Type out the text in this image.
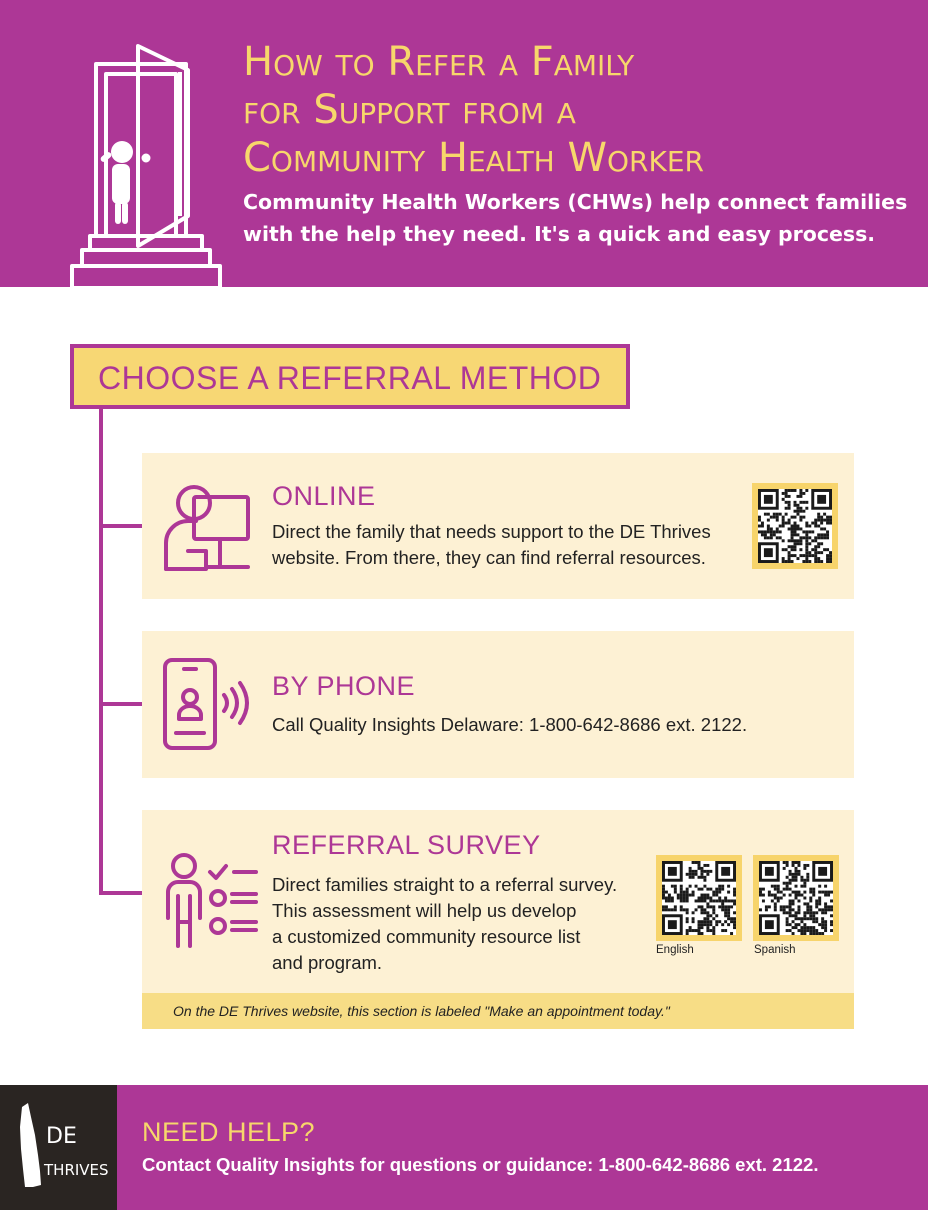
How to Refer a Family
for Support from a
Community Health Worker
Community Health Workers (CHWs) help connect families
with the help they need. It's a quick and easy process.
CHOOSE A REFERRAL METHOD
ONLINE
Direct the family that needs support to the DE Thrives
website. From there, they can find referral resources.
BY PHONE
Call Quality Insights Delaware: 1-800-642-8686 ext. 2122.
REFERRAL SURVEY
Direct families straight to a referral survey.
This assessment will help us develop
a customized community resource list
and program.
English	Spanish
On the DE Thrives website, this section is labeled "Make an appointment today."
DE
THRIVES
NEED HELP?
Contact Quality Insights for questions or guidance: 1-800-642-8686 ext. 2122.
